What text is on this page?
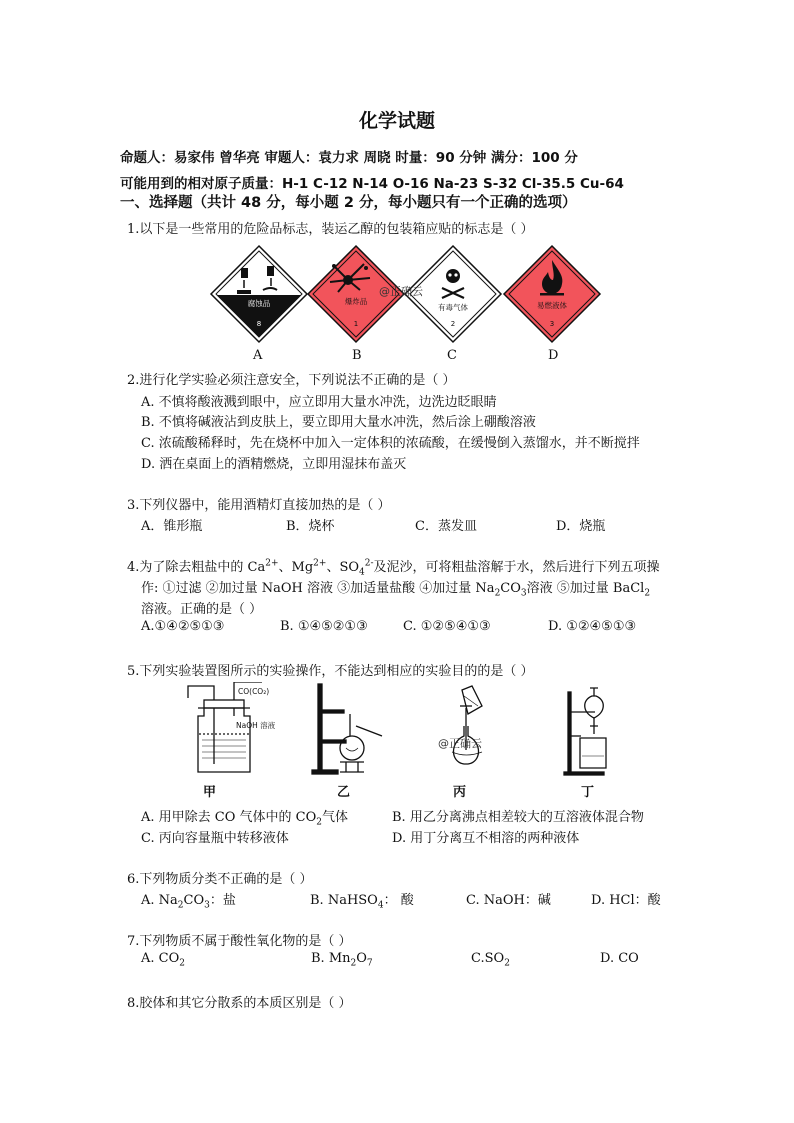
化学试题
命题人：易家伟 曾华亮 审题人：袁力求 周晓 时量：90 分钟 满分：100 分
可能用到的相对原子质量：H-1 C-12 N-14 O-16 Na-23 S-32 Cl-35.5 Cu-64
一、选择题（共计 48 分，每小题 2 分，每小题只有一个正确的选项）
1.以下是一些常用的危险品标志，装运乙醇的包装箱应贴的标志是（ ）
腐蚀品
8
爆炸品
1
有毒气体
2
易燃液体
3
@正确云
A	B	C	D
2.进行化学实验必须注意安全，下列说法不正确的是（ ）
A. 不慎将酸液溅到眼中，应立即用大量水冲洗，边洗边眨眼睛
B. 不慎将碱液沾到皮肤上，要立即用大量水冲洗，然后涂上硼酸溶液
C. 浓硫酸稀释时，先在烧杯中加入一定体积的浓硫酸，在缓慢倒入蒸馏水，并不断搅拌
D. 洒在桌面上的酒精燃烧，立即用湿抹布盖灭
3.下列仪器中，能用酒精灯直接加热的是（ ）
A．锥形瓶	B．烧杯	C．蒸发皿	D．烧瓶
4.为了除去粗盐中的 $Ca^{2+}$、$Mg^{2+}$、$SO_4^{2-}$及泥沙，可将粗盐溶解于水，然后进行下列五项操
作: ①过滤 ②加过量 NaOH 溶液 ③加适量盐酸 ④加过量 $Na_2CO_3$溶液 ⑤加过量 BaCl$_2$
溶液。正确的是（ ）
A.①④②⑤①③	B. ①④⑤②①③	C. ①②⑤④①③	D. ①②④⑤①③
5.下列实验装置图所示的实验操作，不能达到相应的实验目的的是（ ）
CO(CO₂)
NaOH 溶液
@正确云
甲	乙	丙	丁
A. 用甲除去 CO 气体中的 $CO_2$气体	B. 用乙分离沸点相差较大的互溶液体混合物
C. 丙向容量瓶中转移液体	D. 用丁分离互不相溶的两种液体
6.下列物质分类不正确的是（ ）
A. $Na_2CO_3$：盐	B. NaHSO$_4$： 酸	C. NaOH：碱	D. HCl：酸
7.下列物质不属于酸性氧化物的是（ ）
A. $CO_2$	B. $Mn_2O_7$	$C.SO_2$	D. CO
8.胶体和其它分散系的本质区别是（ ）
